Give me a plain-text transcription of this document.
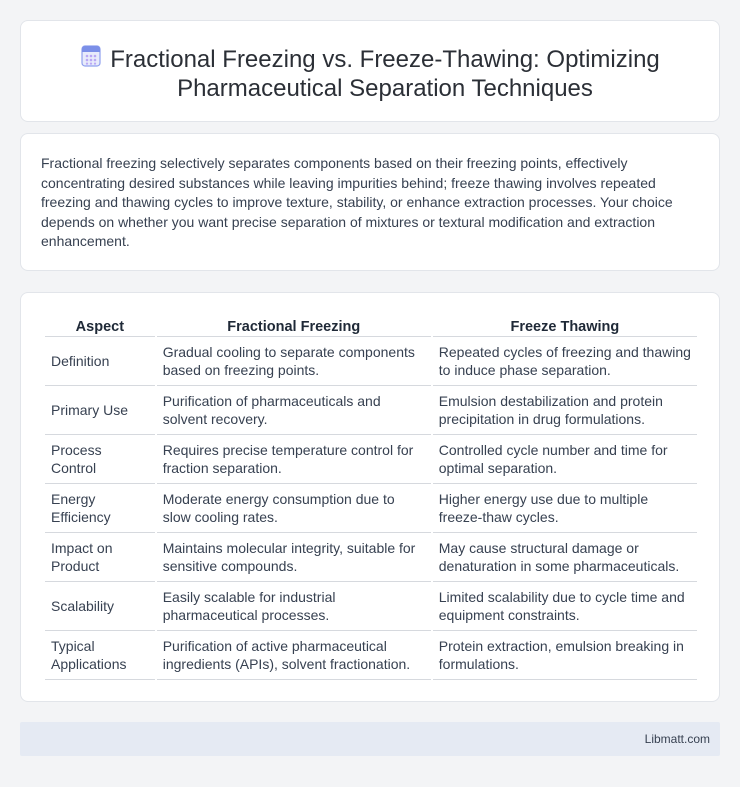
Fractional Freezing vs. Freeze-Thawing: Optimizing Pharmaceutical Separation Techniques

Fractional freezing selectively separates components based on their freezing points, effectively concentrating desired substances while leaving impurities behind; freeze thawing involves repeated freezing and thawing cycles to improve texture, stability, or enhance extraction processes. Your choice depends on whether you want precise separation of mixtures or textural modification and extraction enhancement.

Aspect	Fractional Freezing	Freeze Thawing
Definition	Gradual cooling to separate components based on freezing points.	Repeated cycles of freezing and thawing to induce phase separation.
Primary Use	Purification of pharmaceuticals and solvent recovery.	Emulsion destabilization and protein precipitation in drug formulations.
Process Control	Requires precise temperature control for fraction separation.	Controlled cycle number and time for optimal separation.
Energy Efficiency	Moderate energy consumption due to slow cooling rates.	Higher energy use due to multiple freeze-thaw cycles.
Impact on Product	Maintains molecular integrity, suitable for sensitive compounds.	May cause structural damage or denaturation in some pharmaceuticals.
Scalability	Easily scalable for industrial pharmaceutical processes.	Limited scalability due to cycle time and equipment constraints.
Typical Applications	Purification of active pharmaceutical ingredients (APIs), solvent fractionation.	Protein extraction, emulsion breaking in formulations.
Libmatt.com
